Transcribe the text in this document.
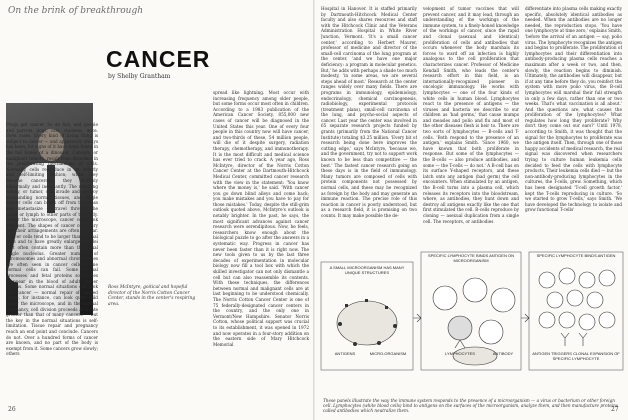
On the brink of breakthrough
CANCER
by Shelby Grantham
Frogs get cancer. So do fish, and people and parrots, dogs, cats, chickens, mice. Even roses. Every kind of living thing is subject to cancer — and apparently always has been, for signs of it have been found in the tail bones of a dinosaur. Cancers, or malignant tumors, result from disorders in the proliferating mechanisms of cells. Normally, cells reproduce in an orderly and self-limiting fashion; when they become cancerous, they multiply abnormally and incessantly. The resulting colony, or tumor, can invade and destroy surrounding normal tissues, and single cancer cells can break off from the mass and metastasize — travel through the blood or lymph to other parts of the body. Under the microscope, cancer cells look different. The shapes of cancer cells vary and their arrangements are often unclear. Cancer cells tend to be larger than normal cells and to have greatly enlarged nuclei that often contain more than the usual single nucleolus. Greater numbers of chromosomes and abnormal chromosomes are often seen in cancer cells. Some normal cells can fail. Some normal processes and fetal proteins sometimes reappear in the blood of adult cancer victims. Some normal situations can look like cancer — normal repair of injured tissue, for instance, can look quite wild under the microscope, and in the normal pregnancy, cell division proceeds at a rate greater than that of many cancers — but the key in the normal situations is self-limitation. Tissue repair and pregnancy reach an end point and conclude. Cancers do not. Over a hundred forms of cancer are known, and no part of the body is exempt from it. Some cancers grow slowly; others
spread like lightning. Most occur with increasing frequency among older people, but some forms occur most often in children. According to a 1983 publication of the American Cancer Society, 855,000 new cases of cancer will be diagnosed in the United States this year. One of every four people in this country now will have cancer, and two-thirds of these, 54 million people, will die of it despite surgery, radiation therapy, chemotherapy, and immunotherapy. It is the most difficult and medical science has ever tried to crack. A year ago, Ross McIntyre, director of the Norris Cotton Cancer Center at the Dartmouth-Hitchcock Medical Center, committed cancer research with the view in the statement: 'You know where the money is,' he said. 'With cancer you go down blind alleys and come back; you make mistakes and you have to pay for those mistakes.' Today, despite the still-grim outlook quoted above, McIntyre's outlook is notably brighter. In the past, he says, the most significant advances against cancer research were serendipitous. Now, he feels, researchers know enough about the biological puzzle to go after the answers in a systematic way. Progress in cancer has never been faster than it is right now. The new tools given to us by the last three decades of experimentation in molecular biology now fill a tool box with which the skilled investigator can not only dismantle a cell but can also reassemble its contents. With these techniques, the differences between normal and malignant cells are at last beginning to be understood chemically. The Norris Cotton Cancer Center is one of 75 federally-designated cancer centers in the country, and the only one in Vermont/New Hampshire. Senator Norris Cotton, whose political support was crucial to its establishment, it was opened in 1972 and now operates in a four-story addition on the eastern side of Mary Hitchcock Memorial
Ross McIntyre, goitical and hopeful director of the Norris Cotton Cancer Center, stands in the center's respiring area.
26
Hospital in Hanover. It is staffed primarily by Dartmouth-Hitchcock Medical Center faculty and also shares resources and staff with the Hitchcock Clinic and the Veterans Administration Hospital in White River Junction, Vermont. 'It's a small cancer center,' according to Herbert Maurer, professor of medicine and director of the small-cell carcinoma of the lung program at the center, 'and we have one major deficiency: a program in molecular genetics. But,' he adds with perhaps a shade too much modesty, 'in some areas, we are several steps ahead of most.' Research at the center ranges widely over many fields. There are programs in immunology, epidemiology, endocrinology, chemical carcinogenesis, radiobiology, experimental protocols (treatment plans), small-cell carcinoma of the lung, and psycho-social aspects of cancer. Last year the center was involved in 65 separate research projects funded by grants (primarily from the National Cancer Institute) totaling $3.25 million. 'Every bit of research being done here improves the cutting edge,' says McIntyre, 'because we, and the government, try not to support work known to be less than competitive — the best.' The fastest cancer research going on these days is in the field of immunology. Many tumors are composed of cells with protein components not possessed by normal cells, and these may be recognized as foreign by the body and may generate an immune reaction. The precise role of this reaction in cancer is poorly understood, but as a research field, it is promising on two counts. It may make possible the de-
velopment of tumor vaccines that will prevent cancer, and it may lead, through an understanding of the workings of the immune system, to a finely-honed knowledge of the workings of cancer, since the rapid and clonal (asexual and identical) proliferation of cells and antibodies that occurs whenever the body marshals its forces to ward off an infection is highly analogous to the cell proliferation that characterizes cancer. Professor of Medicine Kendall Smith, who leads the center's research effort in this field, is an internationally-recognized pioneer in oncologic immunology. He works with lymphocytes — one of the four kinds of white cells in human blood. Lymphocytes react to the presence of antigens — the viruses and bacteria we describe to our children as 'bad germs,' that cause mumps and measles and polio and flu and most of the other diseases flesh is heir to. There are two sorts of lymphocytes — B-cells and T-cells. 'Both respond to the presence of an antigen,' explains Smith. 'Since 1960, we have known that both proliferate in response. But some of the lymphocytes — the B-cells — also produce antibodies, and some — the T-cells — do not.' A B-cell has on its surface Y-shaped receptors, and these latch onto any antigen (bad germ) the cell encounters. When stimulated by an antigen, the B-cell turns into a plasma cell, which releases its receptors into the bloodstream, where, as antibodies, they hunt down and destroy all antigens exactly like the one that first stimulated the cell. B-cells reproduce by cloning — asexual duplication from a single cell. The receptors, or antibodies
differentiate into plasma cells making exactly specific, absolutely identical antibodies as needed. When the antibodies are no longer needed, the reproduction stops. 'You have one lymphocyte at time zero,' explains Smith, 'before the arrival of an antigen — say, polio virus. The lymphocyte recognizes the antigen and begins to proliferate. The proliferation of lymphocytes and their differentiation into antibody-producing plasma cells reaches a maximum after a week or two, and then, slowly, the reaction begins to diminish. Ultimately, the antibodies will disappear, but if at any time before they do, you reinfect the system with more polio virus, the B-cell lymphocytes will marshal their full strength in only a few days, rather than one or two weeks. That's what vaccination is all about.' And the questions are, what causes the proliferation of the lymphocytes? What regulates how long they proliferate? Why don't they come out our ears?' Until 1978, according to Smith, it was thought that the signal for the lymphocytes to proliferate was the antigen itself. Then, through one of those happy accidents of medical research, the real signal was discovered when researchers trying to culture human leukemia cells decided to feed the cells with lymphocyte products. Their leukemia cells died — but the non-antibody-producing lymphocytes in the cultures, the T-cells, grew. Something, which has been designated 'T-cell growth factor,' kept the T-cells reproducing in culture. 'So we started to grow T-cells,' says Smith. 'We have developed the technology to isolate and grow functional T-cells'
A SMALL MICROORGANISM HAS MANY UNIQUE STRUCTURES
SPECIFIC LYMPHOCYTE BINDS ANTIGEN ON MICROORGANISM
SPECIFIC LYMPHOCYTE BINDS ANTIGEN
ANTIGENS	MICRO-ORGANISM	LYMPHOCYTES	ANTIBODY	ANTIGEN TRIGGERS CLONAL EXPANSION OF SPECIFIC LYMPHOCYTE
These panels illustrate the way the immune system responds to the presence of a microorganism — a virus or bacterium or other foreign cell. Lymphocytes (white blood cells) bind to antigens on the surfaces of the microorganism, analyze them, and then manufacture proteins called antibodies which neutralize them.	27
